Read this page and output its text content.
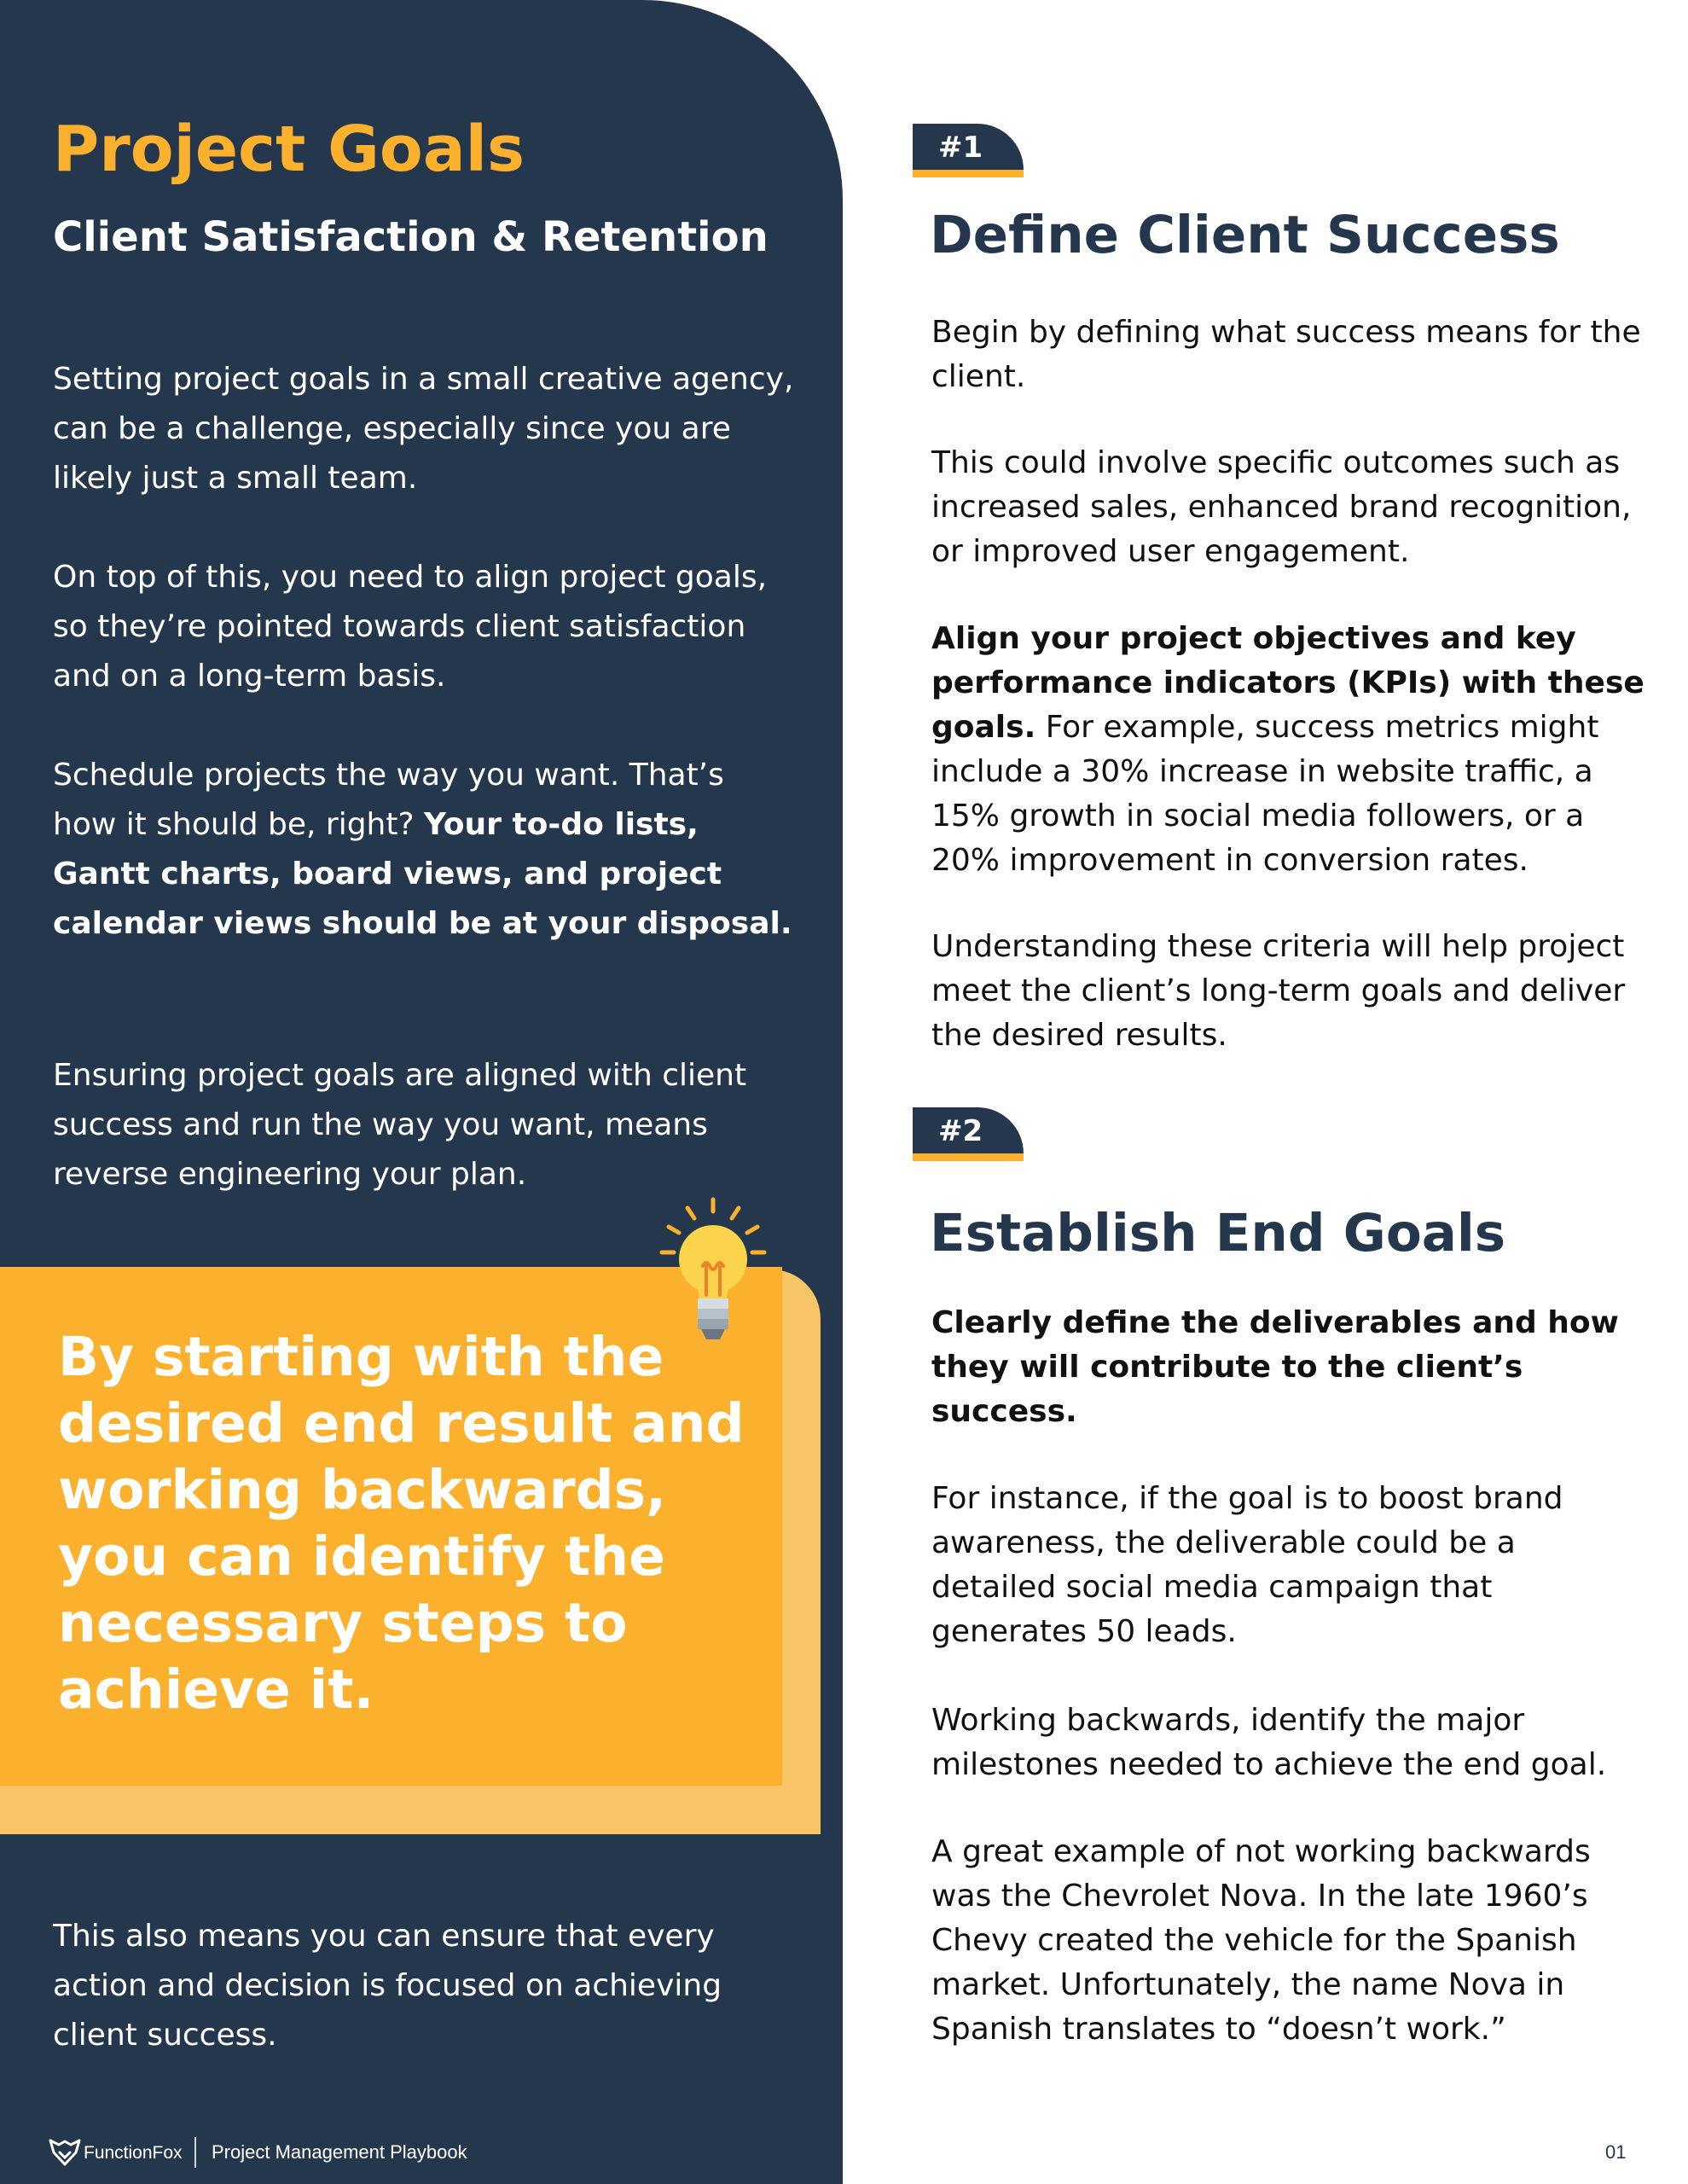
Project Goals
Client Satisfaction & Retention

Setting project goals in a small creative agency, can be a challenge, especially since you are likely just a small team.

On top of this, you need to align project goals, so they’re pointed towards client satisfaction and on a long-term basis.

Schedule projects the way you want. That’s how it should be, right? Your to-do lists, Gantt charts, board views, and project calendar views should be at your disposal.

Ensuring project goals are aligned with client success and run the way you want, means reverse engineering your plan.

By starting with the desired end result and working backwards, you can identify the necessary steps to achieve it.

This also means you can ensure that every action and decision is focused on achieving client success.

FunctionFox Project Management Playbook
#1
Define Client Success

Begin by defining what success means for the client.

This could involve specific outcomes such as increased sales, enhanced brand recognition, or improved user engagement.

Align your project objectives and key performance indicators (KPIs) with these goals. For example, success metrics might include a 30% increase in website traffic, a 15% growth in social media followers, or a 20% improvement in conversion rates.

Understanding these criteria will help project meet the client’s long-term goals and deliver the desired results.

#2
Establish End Goals

Clearly define the deliverables and how they will contribute to the client’s success.

For instance, if the goal is to boost brand awareness, the deliverable could be a detailed social media campaign that generates 50 leads.

Working backwards, identify the major milestones needed to achieve the end goal.

A great example of not working backwards was the Chevrolet Nova. In the late 1960’s Chevy created the vehicle for the Spanish market. Unfortunately, the name Nova in Spanish translates to “doesn’t work.”

01
